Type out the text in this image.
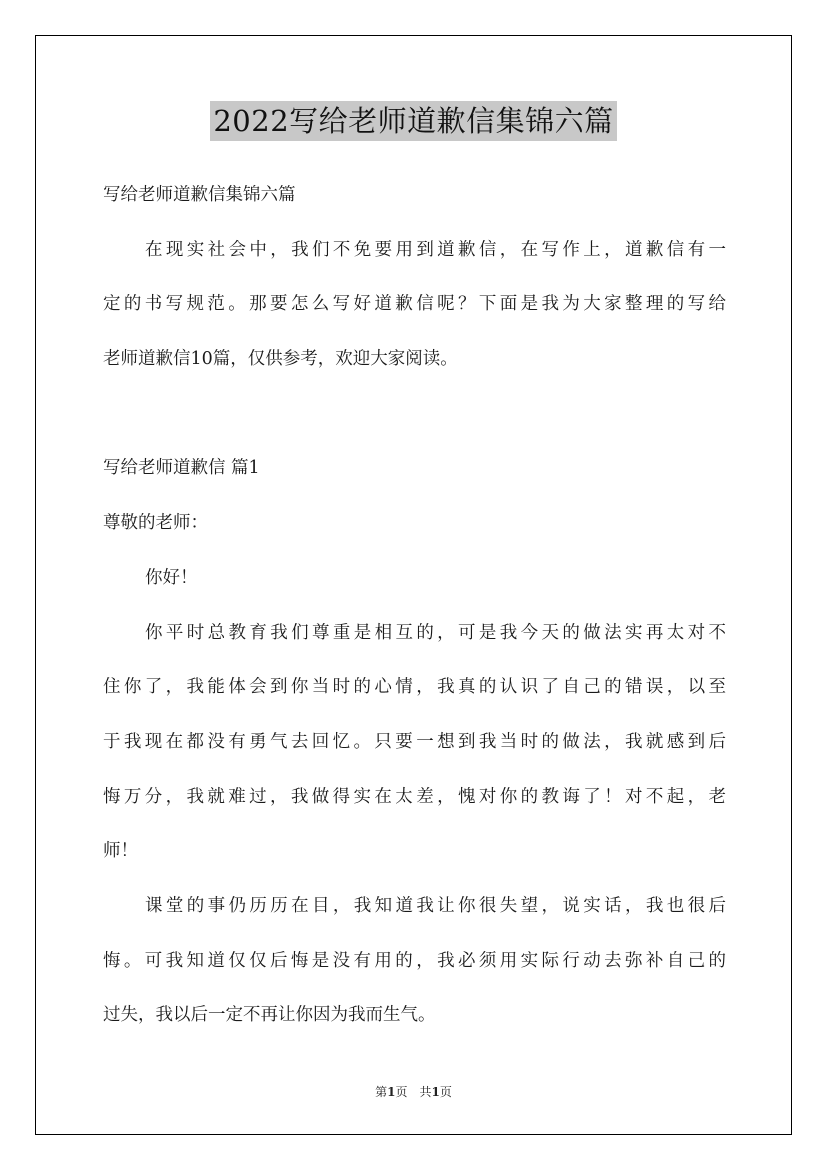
2022写给老师道歉信集锦六篇
写给老师道歉信集锦六篇
在现实社会中，我们不免要用到道歉信，在写作上，道歉信有一
定的书写规范。那要怎么写好道歉信呢？下面是我为大家整理的写给
老师道歉信10篇，仅供参考，欢迎大家阅读。
写给老师道歉信 篇1
尊敬的老师：
你好！
你平时总教育我们尊重是相互的，可是我今天的做法实再太对不
住你了，我能体会到你当时的心情，我真的认识了自己的错误，以至
于我现在都没有勇气去回忆。只要一想到我当时的做法，我就感到后
悔万分，我就难过，我做得实在太差，愧对你的教诲了！对不起，老
师！
课堂的事仍历历在目，我知道我让你很失望，说实话，我也很后
悔。可我知道仅仅后悔是没有用的，我必须用实际行动去弥补自己的
过失，我以后一定不再让你因为我而生气。
第1页 共1页
